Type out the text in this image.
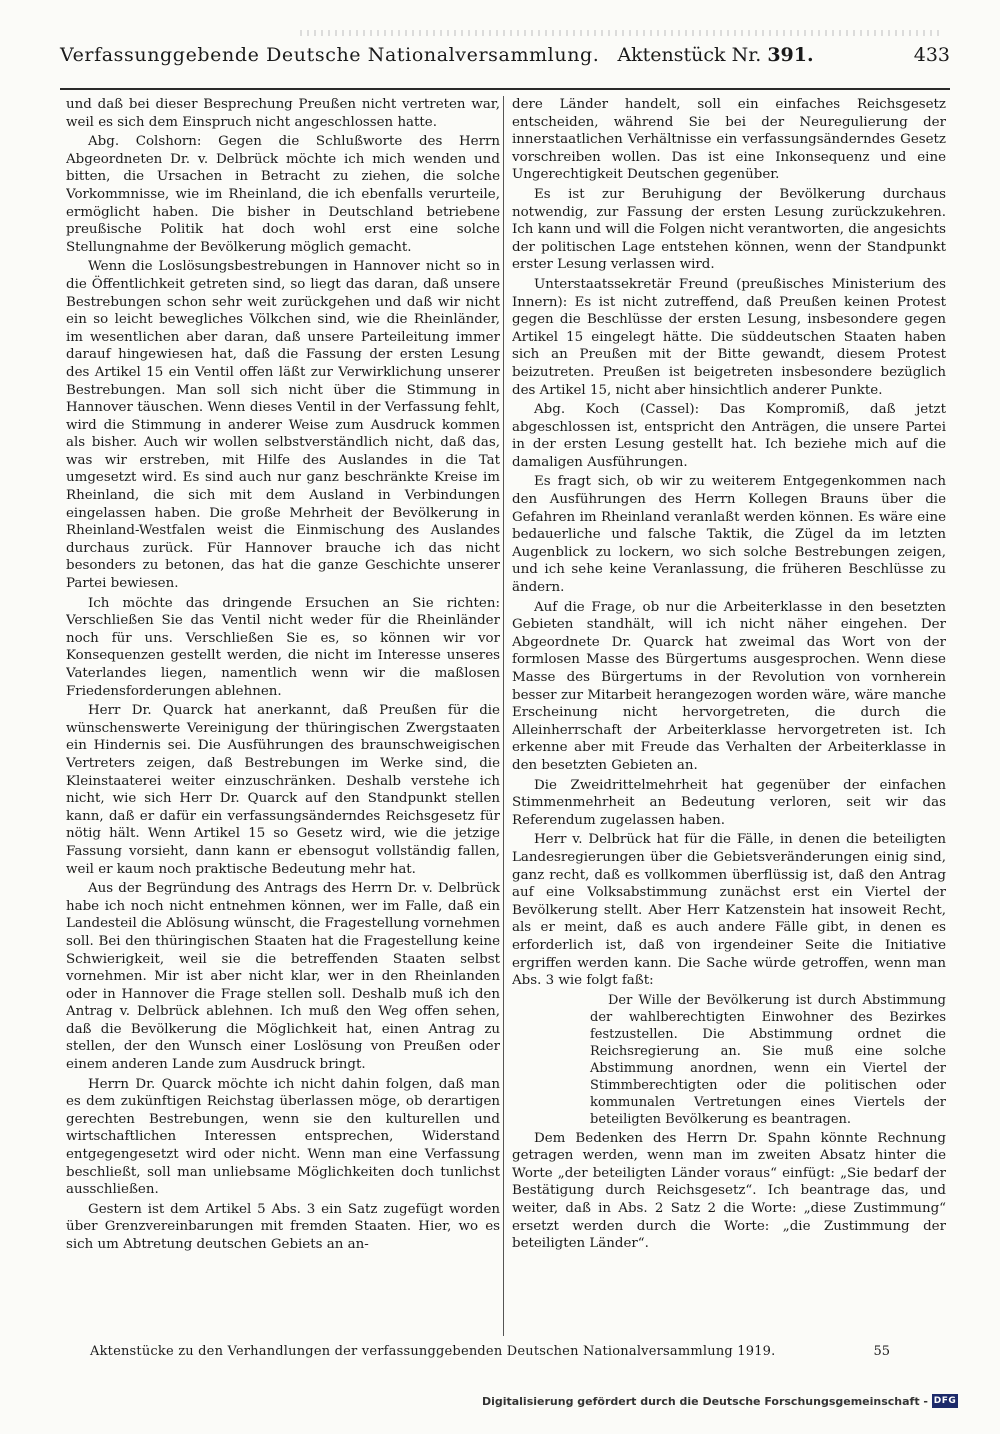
Verfassunggebende Deutsche Nationalversammlung. Aktenstück Nr. 391.	433

und daß bei dieser Besprechung Preußen nicht vertreten war, weil es sich dem Einspruch nicht angeschlossen hatte.

Abg. Colshorn: Gegen die Schlußworte des Herrn Abgeordneten Dr. v. Delbrück möchte ich mich wenden und bitten, die Ursachen in Betracht zu ziehen, die solche Vorkommnisse, wie im Rheinland, die ich ebenfalls verurteile, ermöglicht haben. Die bisher in Deutschland betriebene preußische Politik hat doch wohl erst eine solche Stellungnahme der Bevölkerung möglich gemacht.

Wenn die Loslösungsbestrebungen in Hannover nicht so in die Öffentlichkeit getreten sind, so liegt das daran, daß unsere Bestrebungen schon sehr weit zurückgehen und daß wir nicht ein so leicht bewegliches Völkchen sind, wie die Rheinländer, im wesentlichen aber daran, daß unsere Parteileitung immer darauf hingewiesen hat, daß die Fassung der ersten Lesung des Artikel 15 ein Ventil offen läßt zur Verwirklichung unserer Bestrebungen. Man soll sich nicht über die Stimmung in Hannover täuschen. Wenn dieses Ventil in der Verfassung fehlt, wird die Stimmung in anderer Weise zum Ausdruck kommen als bisher. Auch wir wollen selbstverständlich nicht, daß das, was wir erstreben, mit Hilfe des Auslandes in die Tat umgesetzt wird. Es sind auch nur ganz beschränkte Kreise im Rheinland, die sich mit dem Ausland in Verbindungen eingelassen haben. Die große Mehrheit der Bevölkerung in Rheinland-Westfalen weist die Einmischung des Auslandes durchaus zurück. Für Hannover brauche ich das nicht besonders zu betonen, das hat die ganze Geschichte unserer Partei bewiesen.

Ich möchte das dringende Ersuchen an Sie richten: Verschließen Sie das Ventil nicht weder für die Rheinländer noch für uns. Verschließen Sie es, so können wir vor Konsequenzen gestellt werden, die nicht im Interesse unseres Vaterlandes liegen, namentlich wenn wir die maßlosen Friedensforderungen ablehnen.

Herr Dr. Quarck hat anerkannt, daß Preußen für die wünschenswerte Vereinigung der thüringischen Zwergstaaten ein Hindernis sei. Die Ausführungen des braunschweigischen Vertreters zeigen, daß Bestrebungen im Werke sind, die Kleinstaaterei weiter einzuschränken. Deshalb verstehe ich nicht, wie sich Herr Dr. Quarck auf den Standpunkt stellen kann, daß er dafür ein verfassungsänderndes Reichsgesetz für nötig hält. Wenn Artikel 15 so Gesetz wird, wie die jetzige Fassung vorsieht, dann kann er ebensogut vollständig fallen, weil er kaum noch praktische Bedeutung mehr hat.

Aus der Begründung des Antrags des Herrn Dr. v. Delbrück habe ich noch nicht entnehmen können, wer im Falle, daß ein Landesteil die Ablösung wünscht, die Fragestellung vornehmen soll. Bei den thüringischen Staaten hat die Fragestellung keine Schwierigkeit, weil sie die betreffenden Staaten selbst vornehmen. Mir ist aber nicht klar, wer in den Rheinlanden oder in Hannover die Frage stellen soll. Deshalb muß ich den Antrag v. Delbrück ablehnen. Ich muß den Weg offen sehen, daß die Bevölkerung die Möglichkeit hat, einen Antrag zu stellen, der den Wunsch einer Loslösung von Preußen oder einem anderen Lande zum Ausdruck bringt.

Herrn Dr. Quarck möchte ich nicht dahin folgen, daß man es dem zukünftigen Reichstag überlassen möge, ob derartigen gerechten Bestrebungen, wenn sie den kulturellen und wirtschaftlichen Interessen entsprechen, Widerstand entgegengesetzt wird oder nicht. Wenn man eine Verfassung beschließt, soll man unliebsame Möglichkeiten doch tunlichst ausschließen.

Gestern ist dem Artikel 5 Abs. 3 ein Satz zugefügt worden über Grenzvereinbarungen mit fremden Staaten. Hier, wo es sich um Abtretung deutschen Gebiets an an-

dere Länder handelt, soll ein einfaches Reichsgesetz entscheiden, während Sie bei der Neuregulierung der innerstaatlichen Verhältnisse ein verfassungsänderndes Gesetz vorschreiben wollen. Das ist eine Inkonsequenz und eine Ungerechtigkeit Deutschen gegenüber.

Es ist zur Beruhigung der Bevölkerung durchaus notwendig, zur Fassung der ersten Lesung zurückzukehren. Ich kann und will die Folgen nicht verantworten, die angesichts der politischen Lage entstehen können, wenn der Standpunkt erster Lesung verlassen wird.

Unterstaatssekretär Freund (preußisches Ministerium des Innern): Es ist nicht zutreffend, daß Preußen keinen Protest gegen die Beschlüsse der ersten Lesung, insbesondere gegen Artikel 15 eingelegt hätte. Die süddeutschen Staaten haben sich an Preußen mit der Bitte gewandt, diesem Protest beizutreten. Preußen ist beigetreten insbesondere bezüglich des Artikel 15, nicht aber hinsichtlich anderer Punkte.

Abg. Koch (Cassel): Das Kompromiß, daß jetzt abgeschlossen ist, entspricht den Anträgen, die unsere Partei in der ersten Lesung gestellt hat. Ich beziehe mich auf die damaligen Ausführungen.

Es fragt sich, ob wir zu weiterem Entgegenkommen nach den Ausführungen des Herrn Kollegen Brauns über die Gefahren im Rheinland veranlaßt werden können. Es wäre eine bedauerliche und falsche Taktik, die Zügel da im letzten Augenblick zu lockern, wo sich solche Bestrebungen zeigen, und ich sehe keine Veranlassung, die früheren Beschlüsse zu ändern.

Auf die Frage, ob nur die Arbeiterklasse in den besetzten Gebieten standhält, will ich nicht näher eingehen. Der Abgeordnete Dr. Quarck hat zweimal das Wort von der formlosen Masse des Bürgertums ausgesprochen. Wenn diese Masse des Bürgertums in der Revolution von vornherein besser zur Mitarbeit herangezogen worden wäre, wäre manche Erscheinung nicht hervorgetreten, die durch die Alleinherrschaft der Arbeiterklasse hervorgetreten ist. Ich erkenne aber mit Freude das Verhalten der Arbeiterklasse in den besetzten Gebieten an.

Die Zweidrittelmehrheit hat gegenüber der einfachen Stimmenmehrheit an Bedeutung verloren, seit wir das Referendum zugelassen haben.

Herr v. Delbrück hat für die Fälle, in denen die beteiligten Landesregierungen über die Gebietsveränderungen einig sind, ganz recht, daß es vollkommen überflüssig ist, daß den Antrag auf eine Volksabstimmung zunächst erst ein Viertel der Bevölkerung stellt. Aber Herr Katzenstein hat insoweit Recht, als er meint, daß es auch andere Fälle gibt, in denen es erforderlich ist, daß von irgendeiner Seite die Initiative ergriffen werden kann. Die Sache würde getroffen, wenn man Abs. 3 wie folgt faßt:

Der Wille der Bevölkerung ist durch Abstimmung der wahlberechtigten Einwohner des Bezirkes festzustellen. Die Abstimmung ordnet die Reichsregierung an. Sie muß eine solche Abstimmung anordnen, wenn ein Viertel der Stimmberechtigten oder die politischen oder kommunalen Vertretungen eines Viertels der beteiligten Bevölkerung es beantragen.

Dem Bedenken des Herrn Dr. Spahn könnte Rechnung getragen werden, wenn man im zweiten Absatz hinter die Worte „der beteiligten Länder voraus“ einfügt: „Sie bedarf der Bestätigung durch Reichsgesetz“. Ich beantrage das, und weiter, daß in Abs. 2 Satz 2 die Worte: „diese Zustimmung“ ersetzt werden durch die Worte: „die Zustimmung der beteiligten Länder“.

Aktenstücke zu den Verhandlungen der verfassunggebenden Deutschen Nationalversammlung 1919.	55
Digitalisierung gefördert durch die Deutsche Forschungsgemeinschaft - DFG
